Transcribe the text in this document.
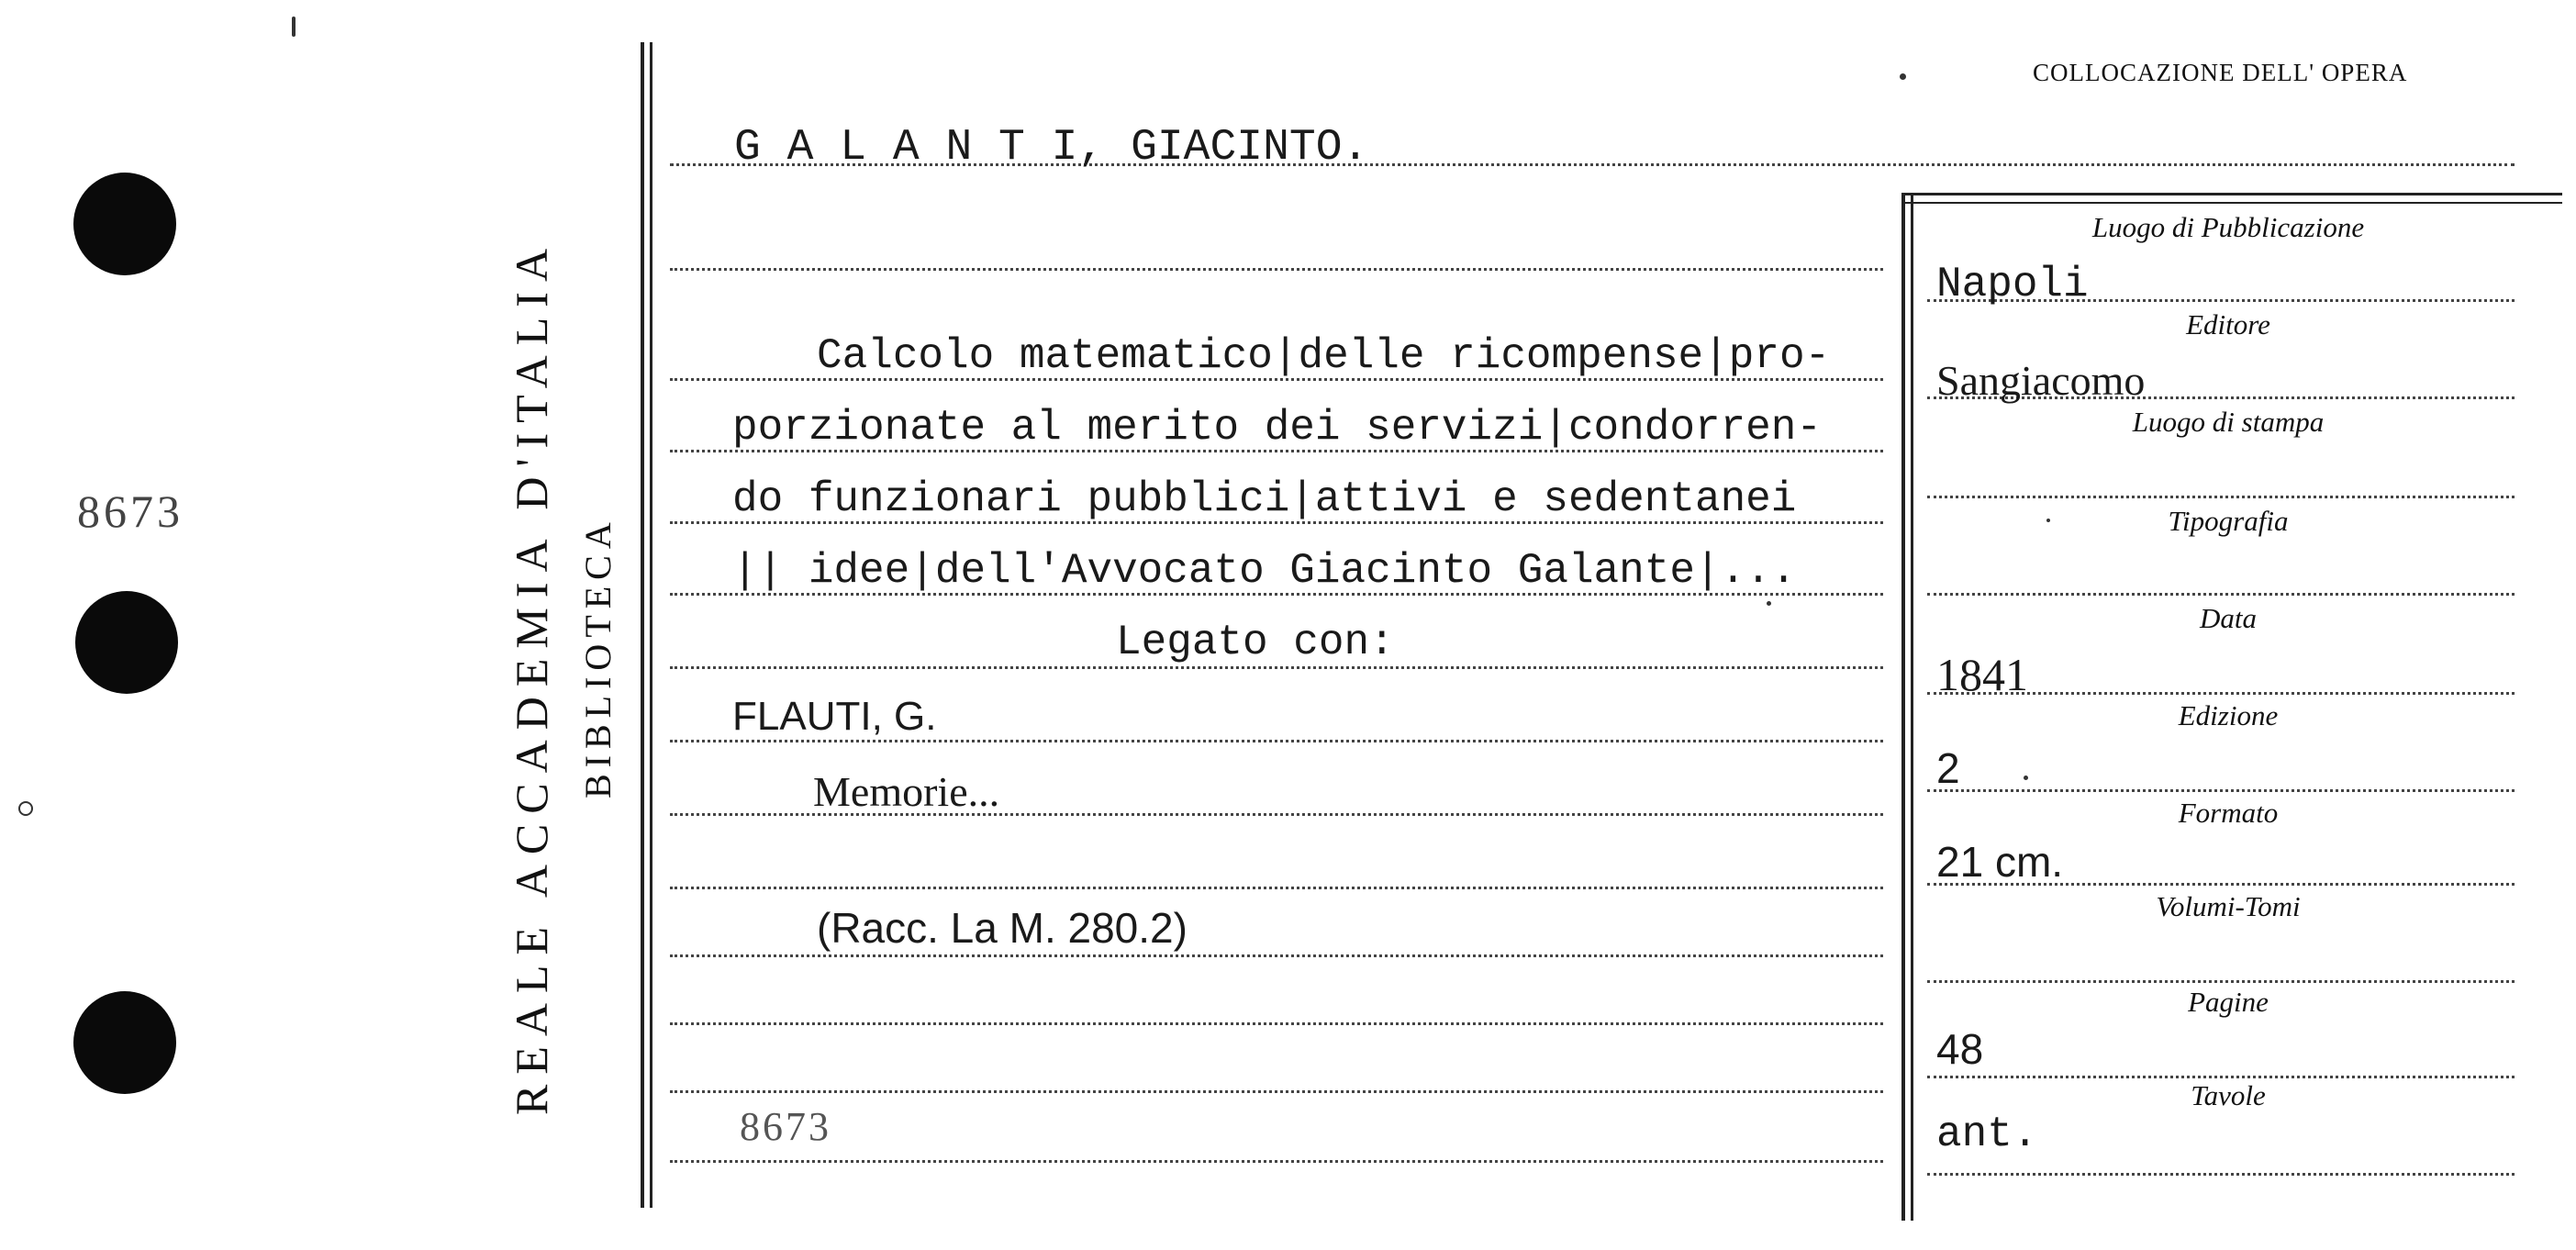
8673	REALE ACCADEMIA D'ITALIA BIBLIOTECA
COLLOCAZIONE DELL' OPERA
G A L A N T I, GIACINTO.
Calcolo matematico|delle ricompense|pro-
porzionate al merito dei servizi|condorren-
do funzionari pubblici|attivi e sedentanei
|| idee|dell'Avvocato Giacinto Galante|...
Legato con:
FLAUTI, G.
Memorie...
(Racc. La M. 280.2)
8673
Luogo di Pubblicazione
Editore
Luogo di stampa
Tipografia
Data
Edizione
Formato
Volumi-Tomi
Pagine
Tavole
Napoli
Sangiacomo
1841
2
21 cm.
48
ant.
